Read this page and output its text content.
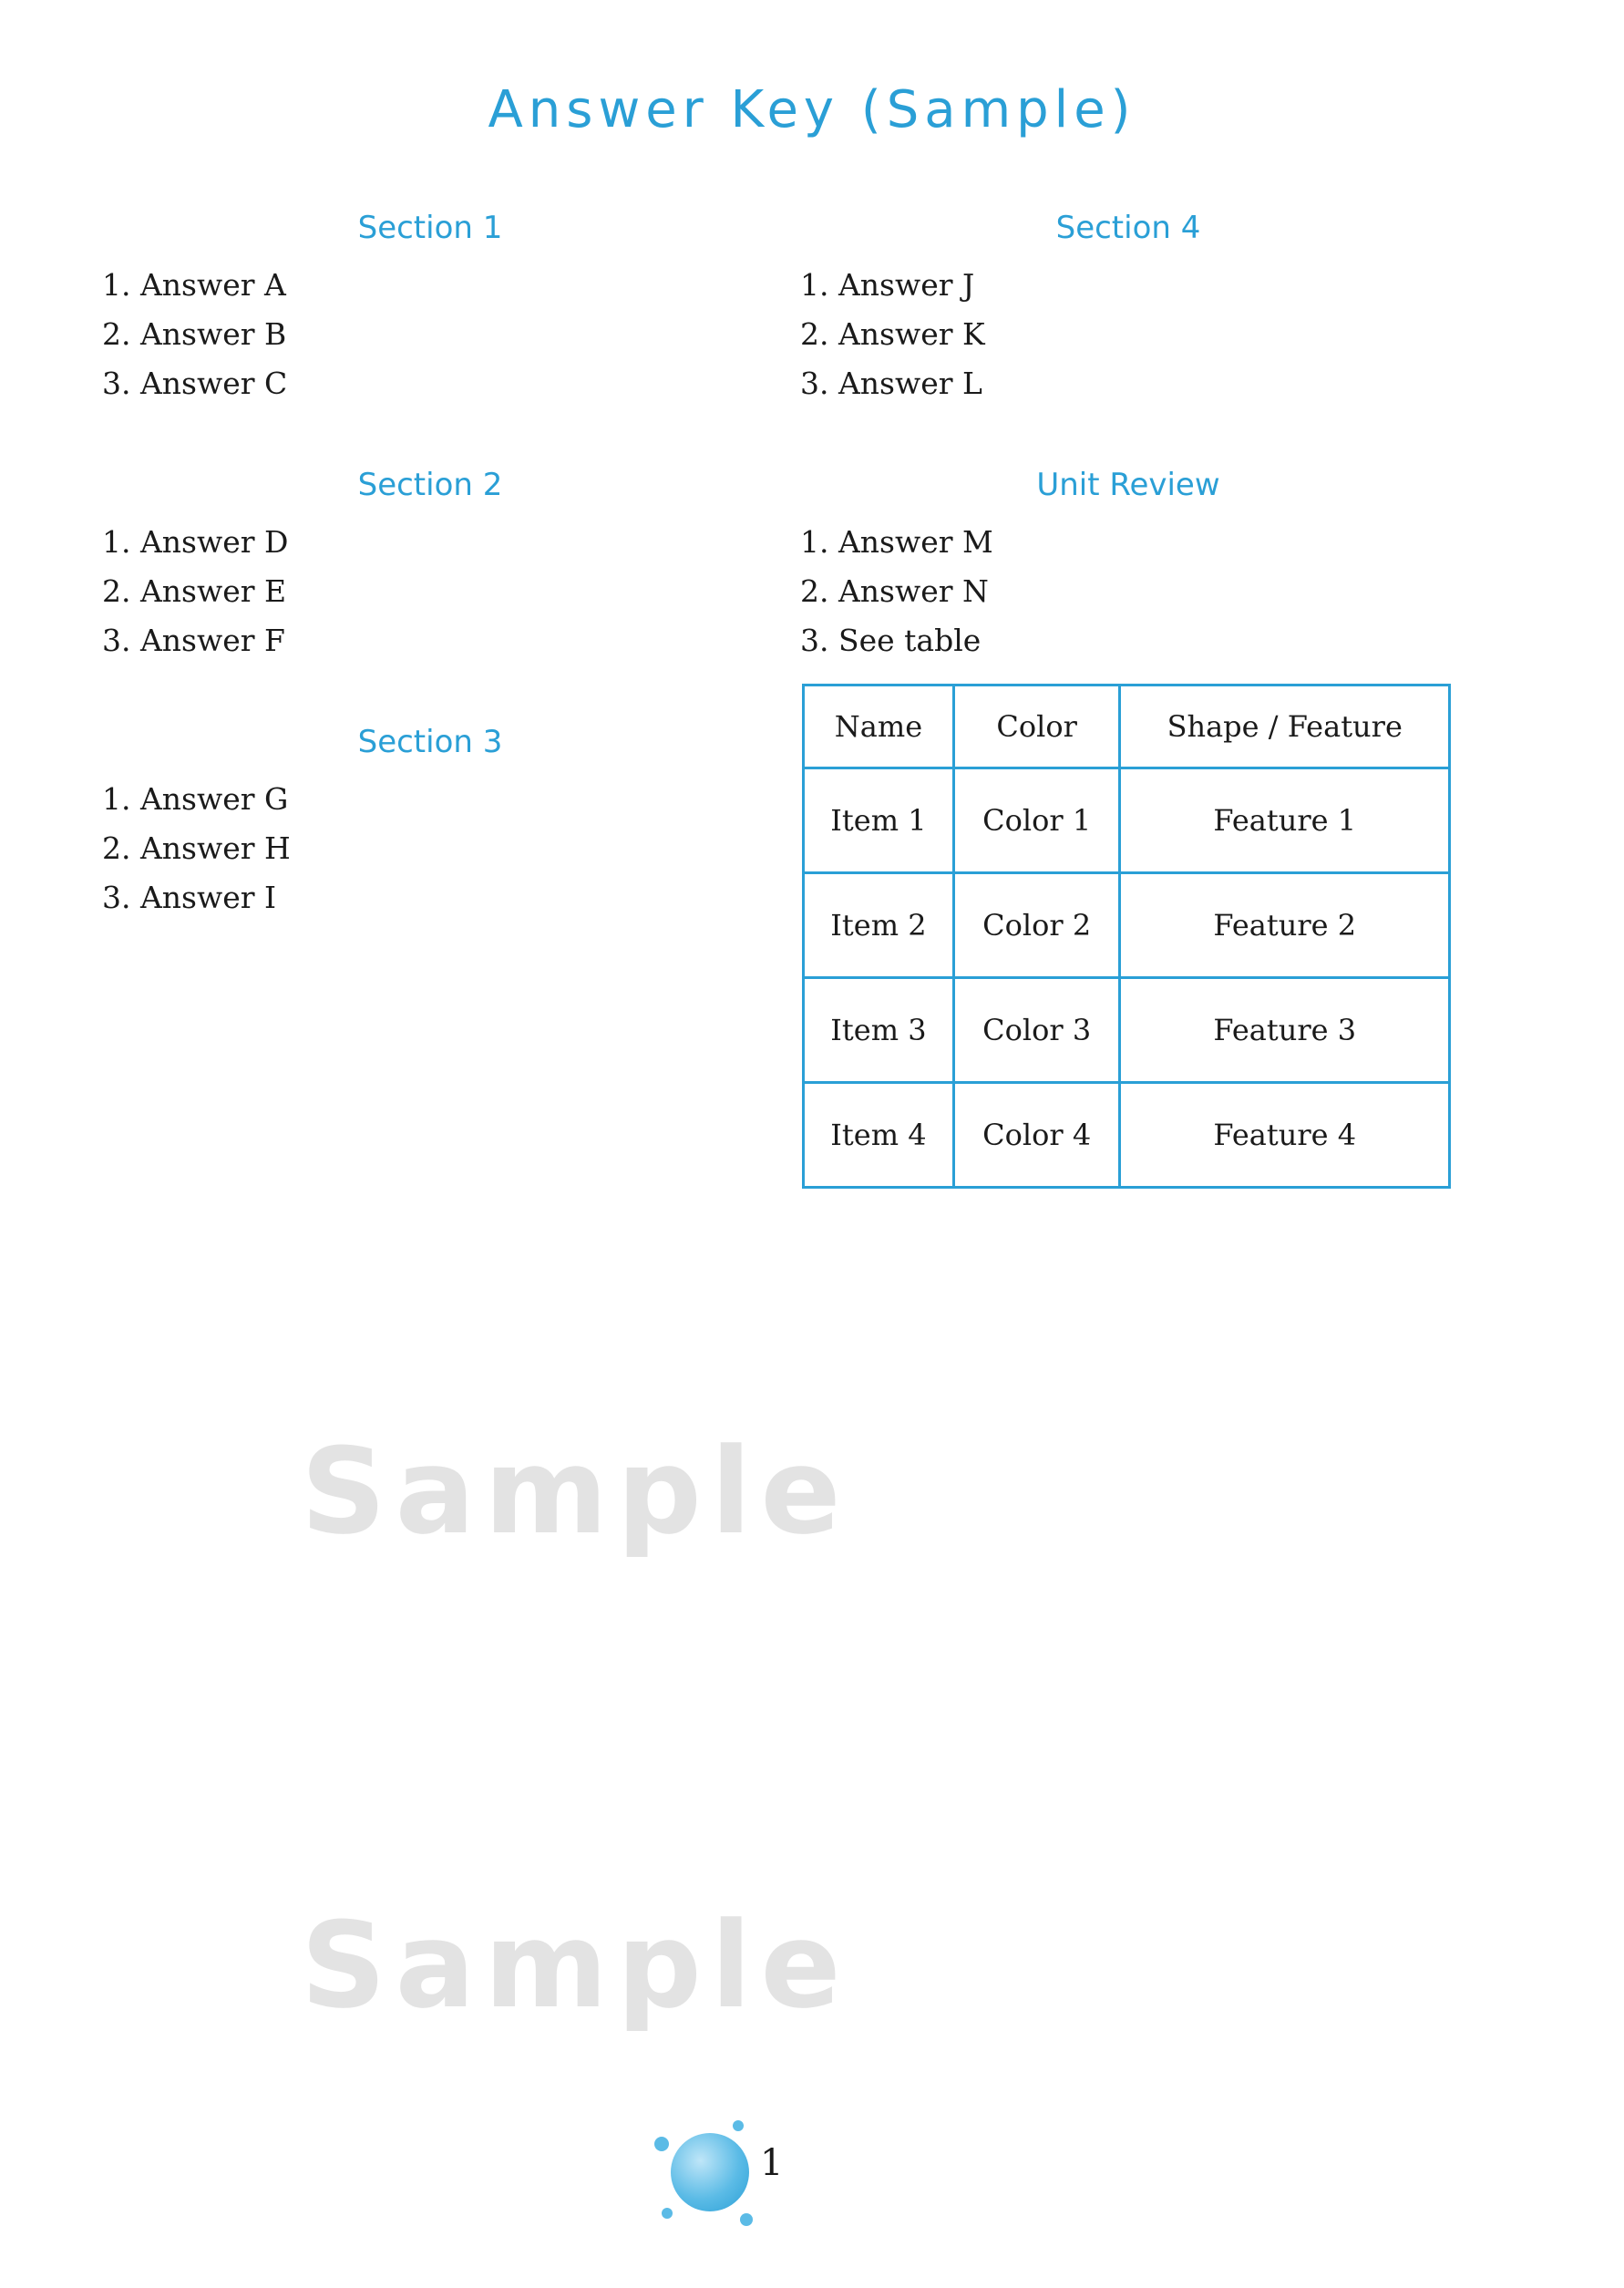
Answer Key (Sample)
Section 1
1. Answer A
2. Answer B
3. Answer C
Section 2
1. Answer D
2. Answer E
3. Answer F
Section 3
1. Answer G
2. Answer H
3. Answer I
Section 4
1. Answer J
2. Answer K
3. Answer L
Unit Review
1. Answer M
2. Answer N
3. See table
Name	Color	Shape / Feature
Item 1	Color 1	Feature 1
Item 2	Color 2	Feature 2
Item 3	Color 3	Feature 3
Item 4	Color 4	Feature 4
Sample
Sample
1
